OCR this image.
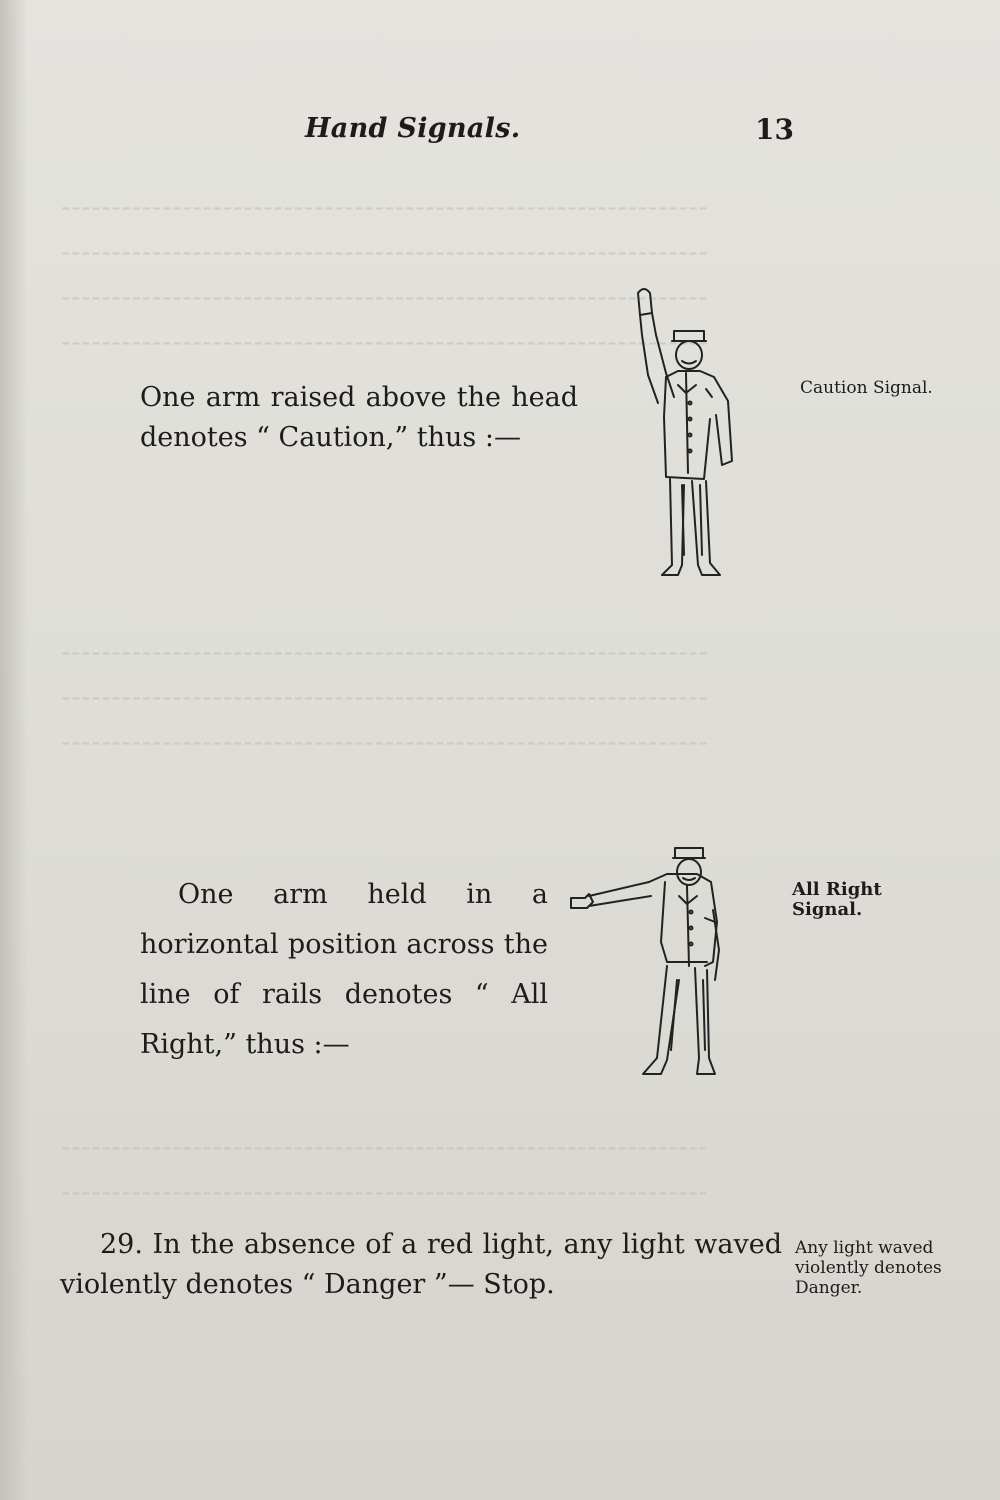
‑‑‑‑‑‑‑‑‑‑‑‑‑‑‑‑‑‑‑‑‑‑‑‑‑‑‑‑‑‑‑‑‑‑‑‑‑‑‑‑‑‑‑‑‑‑‑‑‑‑‑‑‑‑‑‑‑‑‑‑‑‑‑‑
‑‑‑‑‑‑‑‑‑‑‑‑‑‑‑‑‑‑‑‑‑‑‑‑‑‑‑‑‑‑‑‑‑‑‑‑‑‑‑‑‑‑‑‑‑‑‑‑‑‑‑‑‑‑‑‑‑‑‑‑‑‑‑‑
‑‑‑‑‑‑‑‑‑‑‑‑‑‑‑‑‑‑‑‑‑‑‑‑‑‑‑‑‑‑‑‑‑‑‑‑‑‑‑‑‑‑‑‑‑‑‑‑‑‑‑‑‑‑‑‑‑‑‑‑‑‑‑‑
‑‑‑‑‑‑‑‑‑‑‑‑‑‑‑‑‑‑‑‑‑‑‑‑‑‑‑‑‑‑‑‑‑‑‑‑‑‑‑‑‑‑‑‑‑‑‑‑‑‑‑‑‑‑‑‑‑‑‑‑‑‑‑‑
‑‑‑‑‑‑‑‑‑‑‑‑‑‑‑‑‑‑‑‑‑‑‑‑‑‑‑‑‑‑‑‑‑‑‑‑‑‑‑‑‑‑‑‑‑‑‑‑‑‑‑‑‑‑‑‑‑‑‑‑‑‑‑‑
‑‑‑‑‑‑‑‑‑‑‑‑‑‑‑‑‑‑‑‑‑‑‑‑‑‑‑‑‑‑‑‑‑‑‑‑‑‑‑‑‑‑‑‑‑‑‑‑‑‑‑‑‑‑‑‑‑‑‑‑‑‑‑‑
‑‑‑‑‑‑‑‑‑‑‑‑‑‑‑‑‑‑‑‑‑‑‑‑‑‑‑‑‑‑‑‑‑‑‑‑‑‑‑‑‑‑‑‑‑‑‑‑‑‑‑‑‑‑‑‑‑‑‑‑‑‑‑‑
‑‑‑‑‑‑‑‑‑‑‑‑‑‑‑‑‑‑‑‑‑‑‑‑‑‑‑‑‑‑‑‑‑‑‑‑‑‑‑‑‑‑‑‑‑‑‑‑‑‑‑‑‑‑‑‑‑‑‑‑‑‑‑‑
‑‑‑‑‑‑‑‑‑‑‑‑‑‑‑‑‑‑‑‑‑‑‑‑‑‑‑‑‑‑‑‑‑‑‑‑‑‑‑‑‑‑‑‑‑‑‑‑‑‑‑‑‑‑‑‑‑‑‑‑‑‑‑‑
Hand Signals.	13
One arm raised above the head denotes “ Caution,” thus :—
Caution Signal.
One arm held in a horizontal position across the line of rails denotes “ All Right,” thus :—
All Right Signal.
29. In the absence of a red light, any light waved violently denotes “ Danger ”— Stop.
Any light waved violently denotes Danger.
